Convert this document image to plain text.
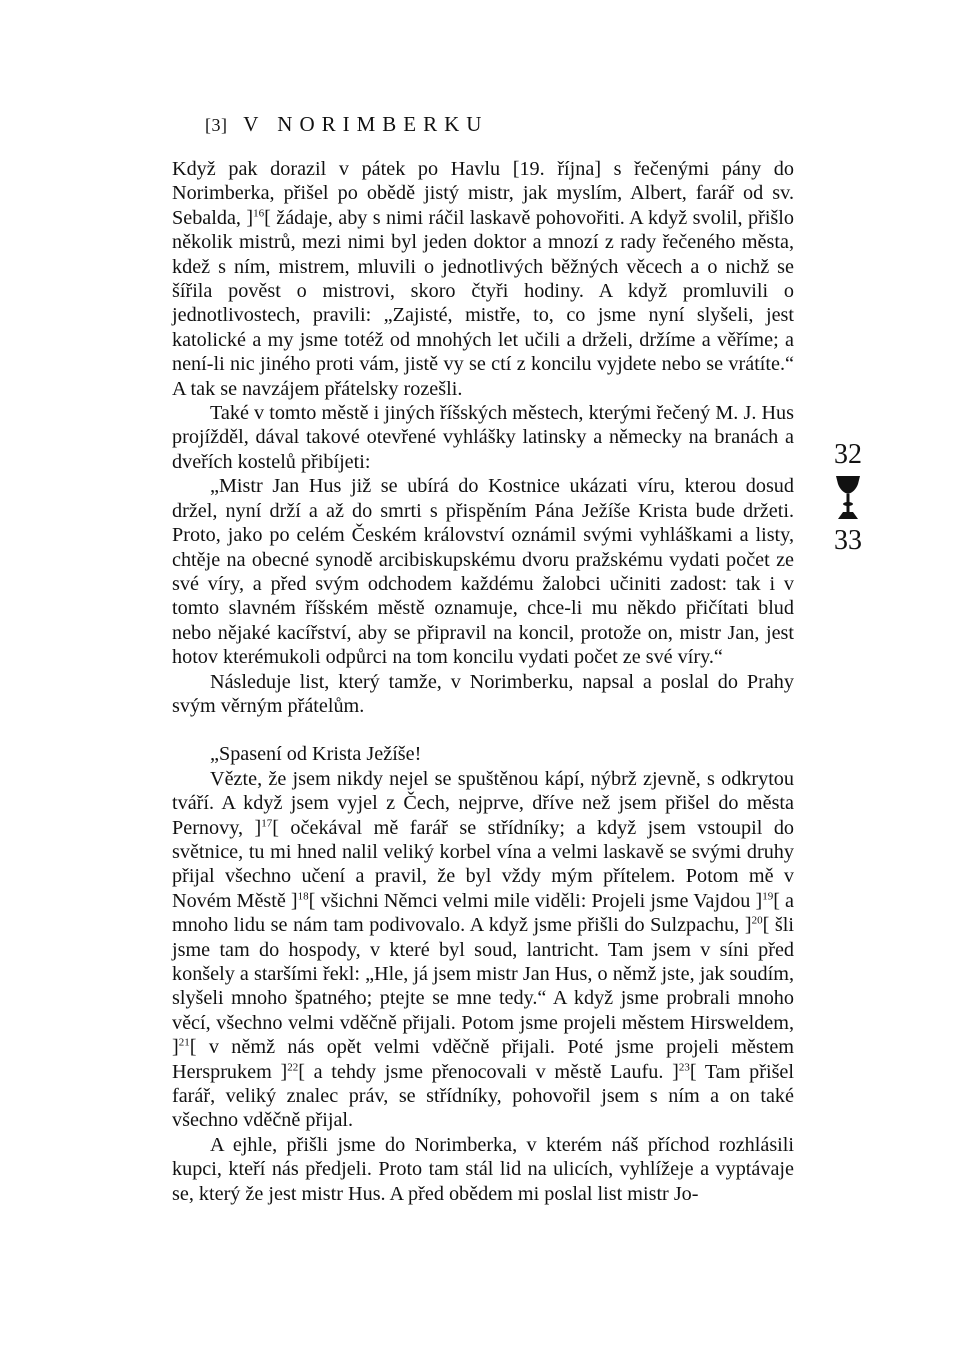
[3] V NORIMBERKU

Když pak dorazil v pátek po Havlu [19. října] s řečenými pány do Norimberka, přišel po obědě jistý mistr, jak myslím, Albert, farář od sv. Sebalda, ]$^{16}$[ žádaje, aby s nimi ráčil laskavě pohovořiti. A když svolil, přišlo několik mistrů, mezi nimi byl jeden doktor a mnozí z rady řečeného města, kdež s ním, mistrem, mluvili o jednotlivých běžných věcech a o nichž se šířila pověst o mistrovi, skoro čtyři hodiny. A když promluvili o jednotlivostech, pravili: „Zajisté, mistře, to, co jsme nyní slyšeli, jest katolické a my jsme totéž od mnohých let učili a drželi, držíme a věříme; a není-li nic jiného proti vám, jistě vy se ctí z koncilu vyjdete nebo se vrátíte.“ A tak se navzájem přátelsky rozešli.

Také v tomto městě i jiných říšských městech, kterými řečený M. J. Hus projížděl, dával takové otevřené vyhlášky latinsky a německy na branách a dveřích kostelů přibíjeti:

„Mistr Jan Hus již se ubírá do Kostnice ukázati víru, kterou dosud držel, nyní drží a až do smrti s přispěním Pána Ježíše Krista bude držeti. Proto, jako po celém Českém království oznámil svými vyhláškami a listy, chtěje na obecné synodě arcibiskupskému dvoru pražskému vydati počet ze své víry, a před svým odchodem každému žalobci učiniti zadost: tak i v tomto slavném říšském městě oznamuje, chce-li mu někdo přičítati blud nebo nějaké kacířství, aby se připravil na koncil, protože on, mistr Jan, jest hotov kterémukoli odpůrci na tom koncilu vydati počet ze své víry.“

Následuje list, který tamže, v Norimberku, napsal a poslal do Prahy svým věrným přátelům.

„Spasení od Krista Ježíše!

Vězte, že jsem nikdy nejel se spuštěnou kápí, nýbrž zjevně, s odkrytou tváří. A když jsem vyjel z Čech, nejprve, dříve než jsem přišel do města Pernovy, ]$^{17}$[ očekával mě farář se střídníky; a když jsem vstoupil do světnice, tu mi hned nalil veliký korbel vína a velmi laskavě se svými druhy přijal všechno učení a pravil, že byl vždy mým přítelem. Potom mě v Novém Městě ]$^{18}$[ všichni Němci velmi mile viděli: Projeli jsme Vajdou ]$^{19}$[ a mnoho lidu se nám tam podivovalo. A když jsme přišli do Sulzpachu, ]$^{20}$[ šli jsme tam do hospody, v které byl soud, lantricht. Tam jsem v síni před konšely a staršími řekl: „Hle, já jsem mistr Jan Hus, o němž jste, jak soudím, slyšeli mnoho špatného; ptejte se mne tedy.“ A když jsme probrali mnoho věcí, všechno velmi vděčně přijali. Potom jsme projeli městem Hirsweldem, ]$^{21}$[ v němž nás opět velmi vděčně přijali. Poté jsme projeli městem Hersprukem ]$^{22}$[ a tehdy jsme přenocovali v městě Laufu. ]$^{23}$[ Tam přišel farář, veliký znalec práv, se střídníky, pohovořil jsem s ním a on také všechno vděčně přijal.

A ejhle, přišli jsme do Norimberka, v kterém náš příchod rozhlásili kupci, kteří nás předjeli. Proto tam stál lid na ulicích, vyhlížeje a vyptávaje se, který že jest mistr Hus. A před obědem mi poslal list mistr Jo-

32
33
